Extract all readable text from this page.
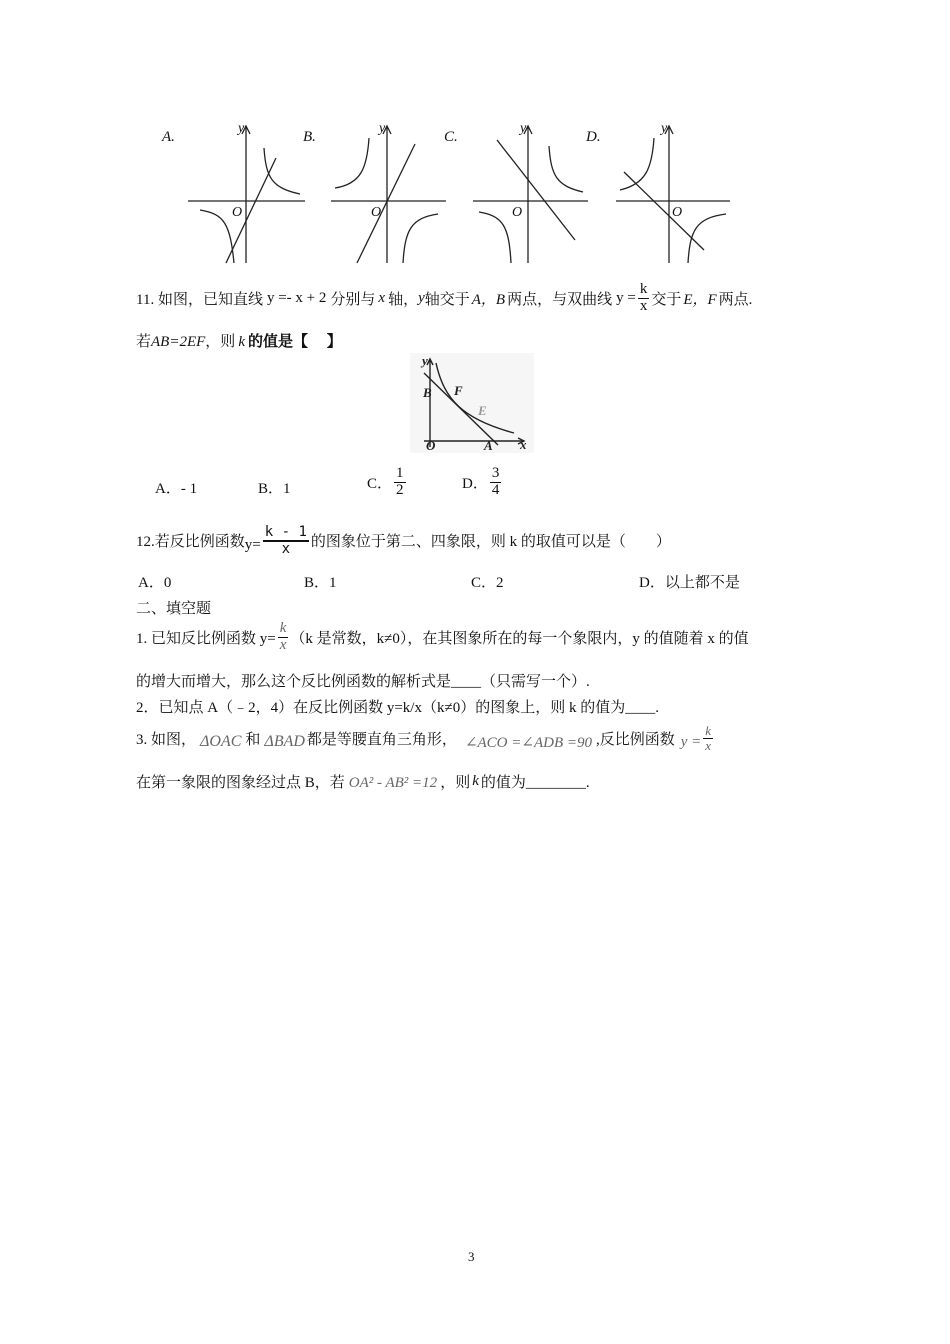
A.	B.	C.	D.
y
O
y
O
y
O
y
O
11. 如图，已知直线 y =- x + 2 分别与 x 轴， y 轴交于 A，B 两点，与双曲线 $y = \frac{k}{x}$ 交于 E，F 两点.
若AB=2EF，则 k 的值是【　 】
y
x
B F
E
O	A
A．- 1	B．1	C． $\frac{1}{2}$	D． $\frac{3}{4}$
12.若反比例函数 $y= \frac{k - 1}{x}$ 的图象位于第二、四象限，则 k 的取值可以是（　　）
A．0	B．1	C．2	D．以上都不是
二、填空题
1. 已知反比例函数 $y= \frac{k}{x} (k$ 是常数，k≠0），在其图象所在的每一个象限内，y 的值随着 x 的值
的增大而增大，那么这个反比例函数的解析式是____（只需写一个）.
2．已知点 A（﹣2，4）在反比例函数 y=k/x（k≠0）的图象上，则 k 的值为____.
3. 如图， ΔOAC 和 ΔBAD 都是等腰直角三角形， ∠ACO =∠ADB =90 ,反比例函数 $y = \frac{k}{x}$
在第一象限的图象经过点 B，若 OA² - AB² =12 ，则 k 的值为________.
3
